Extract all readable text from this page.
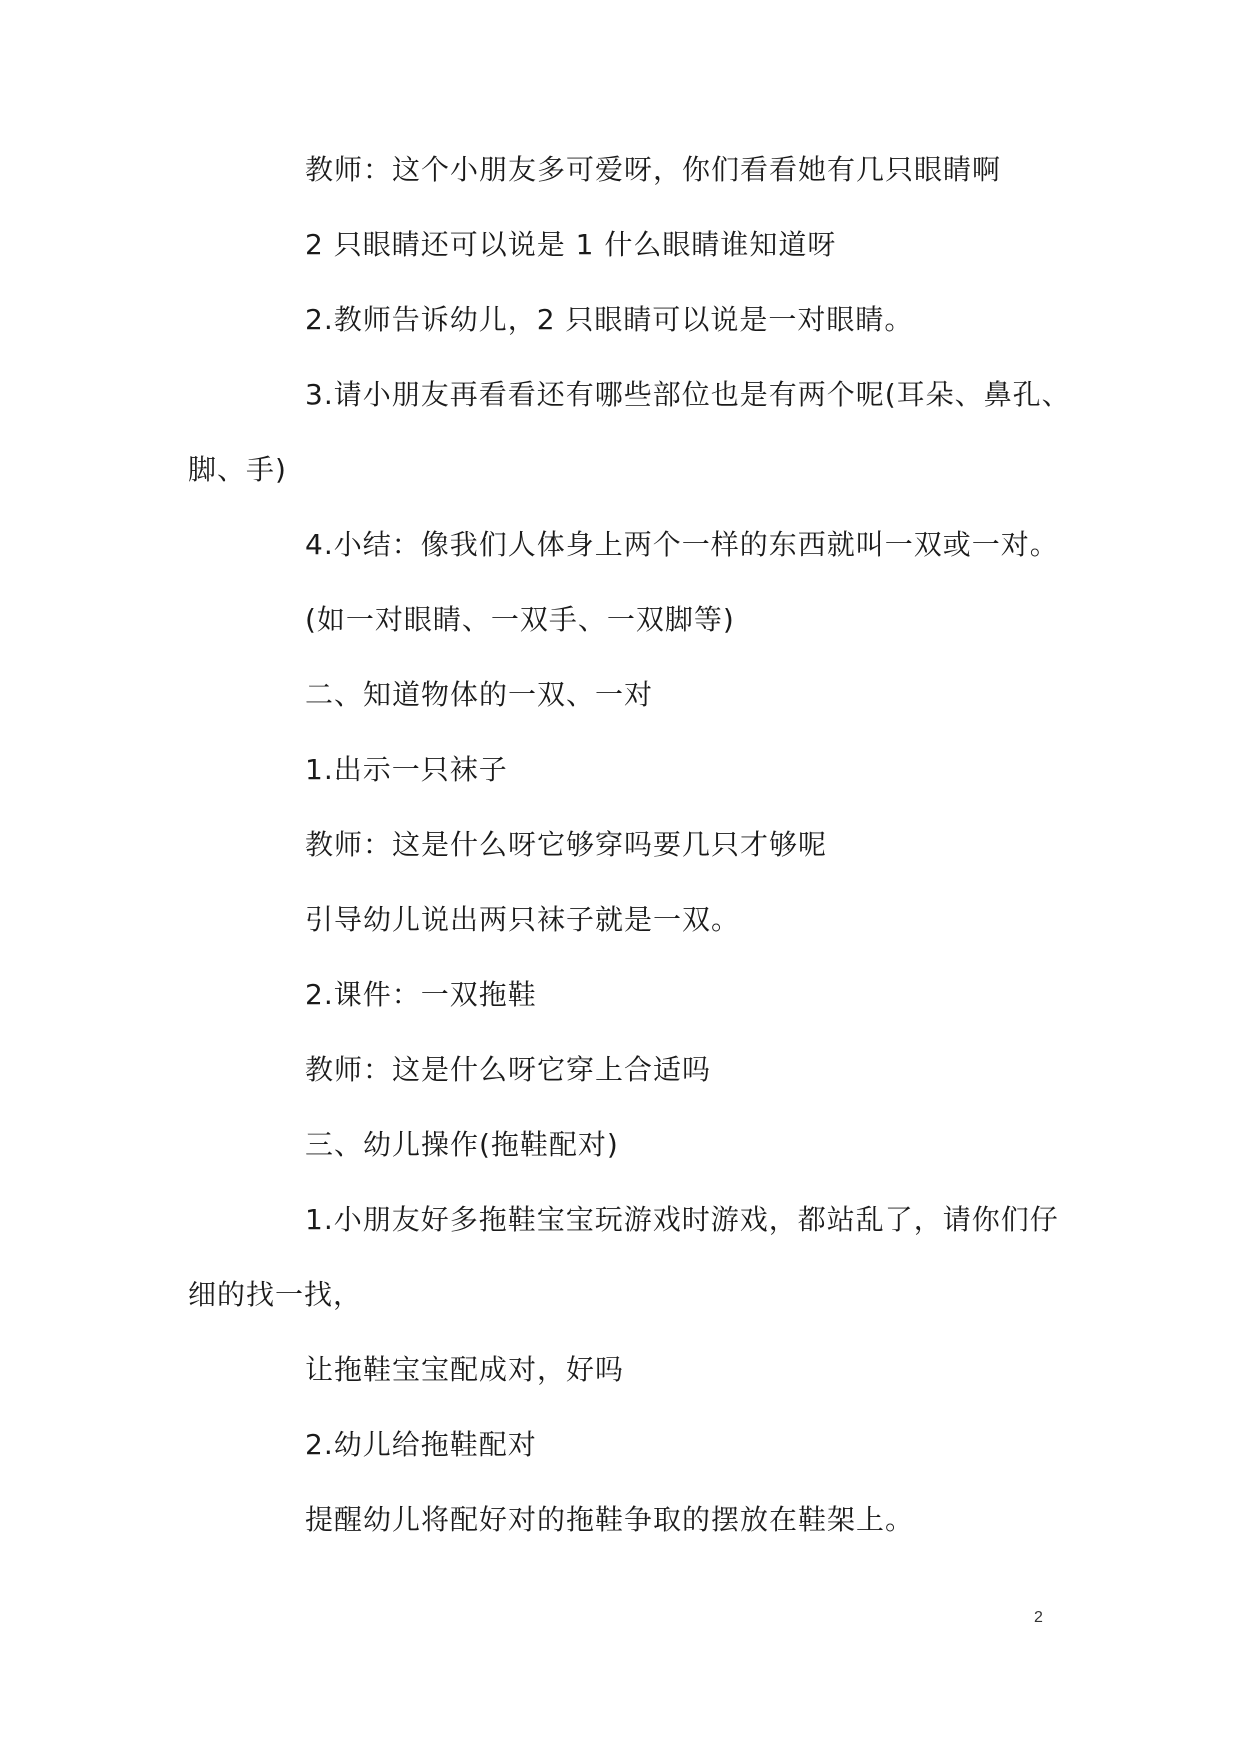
教师：这个小朋友多可爱呀，你们看看她有几只眼睛啊
2 只眼睛还可以说是 1 什么眼睛谁知道呀
2.教师告诉幼儿，2 只眼睛可以说是一对眼睛。
3.请小朋友再看看还有哪些部位也是有两个呢(耳朵、鼻孔、
脚、手)
4.小结：像我们人体身上两个一样的东西就叫一双或一对。
(如一对眼睛、一双手、一双脚等)
二、知道物体的一双、一对
1.出示一只袜子
教师：这是什么呀它够穿吗要几只才够呢
引导幼儿说出两只袜子就是一双。
2.课件：一双拖鞋
教师：这是什么呀它穿上合适吗
三、幼儿操作(拖鞋配对)
1.小朋友好多拖鞋宝宝玩游戏时游戏，都站乱了，请你们仔
细的找一找，
让拖鞋宝宝配成对，好吗
2.幼儿给拖鞋配对
提醒幼儿将配好对的拖鞋争取的摆放在鞋架上。
2
